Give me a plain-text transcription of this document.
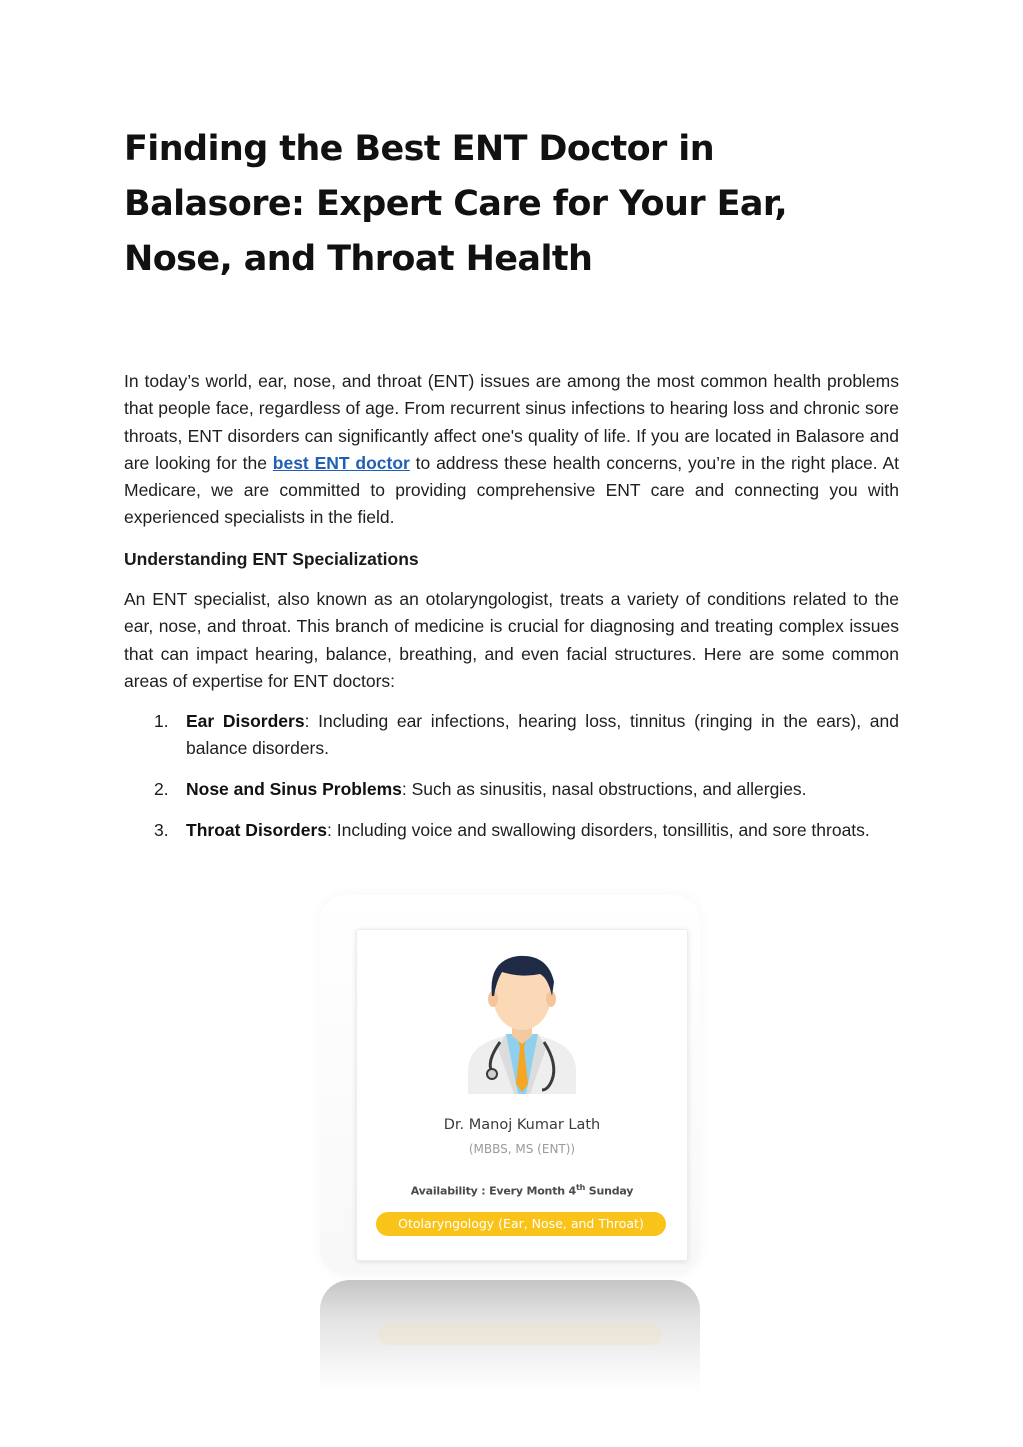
Finding the Best ENT Doctor in Balasore: Expert Care for Your Ear, Nose, and Throat Health

In today’s world, ear, nose, and throat (ENT) issues are among the most common health problems that people face, regardless of age. From recurrent sinus infections to hearing loss and chronic sore throats, ENT disorders can significantly affect one's quality of life. If you are located in Balasore and are looking for the best ENT doctor to address these health concerns, you’re in the right place. At Medicare, we are committed to providing comprehensive ENT care and connecting you with experienced specialists in the field.

Understanding ENT Specializations

An ENT specialist, also known as an otolaryngologist, treats a variety of conditions related to the ear, nose, and throat. This branch of medicine is crucial for diagnosing and treating complex issues that can impact hearing, balance, breathing, and even facial structures. Here are some common areas of expertise for ENT doctors:

1. Ear Disorders: Including ear infections, hearing loss, tinnitus (ringing in the ears), and balance disorders.
2. Nose and Sinus Problems: Such as sinusitis, nasal obstructions, and allergies.
3. Throat Disorders: Including voice and swallowing disorders, tonsillitis, and sore throats.
Dr. Manoj Kumar Lath
(MBBS, MS (ENT))
Availability : Every Month 4th Sunday
Otolaryngology (Ear, Nose, and Throat)
